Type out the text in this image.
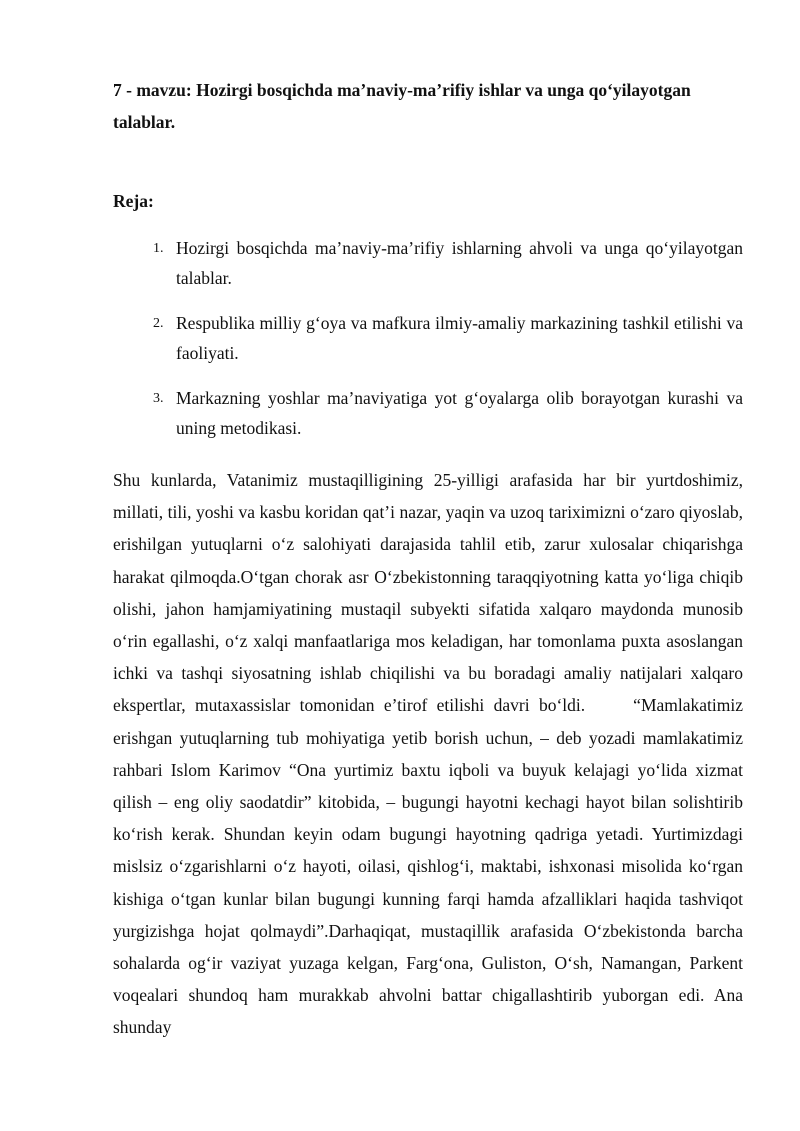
7 - mavzu: Hozirgi bosqichda ma’naviy-ma’rifiy ishlar va unga qo‘yilayotgan talablar.
Reja:
1. Hozirgi bosqichda ma’naviy-ma’rifiy ishlarning ahvoli va unga qo‘yilayotgan talablar.
2. Respublika milliy g‘oya va mafkura ilmiy-amaliy markazining tashkil etilishi va faoliyati.
3. Markazning yoshlar ma’naviyatiga yot g‘oyalarga olib borayotgan kurashi va uning metodikasi.

Shu kunlarda, Vatanimiz mustaqilligining 25-yilligi arafasida har bir yurtdoshimiz, millati, tili, yoshi va kasbu koridan qat’i nazar, yaqin va uzoq tariximizni o‘zaro qiyoslab, erishilgan yutuqlarni o‘z salohiyati darajasida tahlil etib, zarur xulosalar chiqarishga harakat qilmoqda.O‘tgan chorak asr O‘zbekistonning taraqqiyotning katta yo‘liga chiqib olishi, jahon hamjamiyatining mustaqil subyekti sifatida xalqaro maydonda munosib o‘rin egallashi, o‘z xalqi manfaatlariga mos keladigan, har tomonlama puxta asoslangan ichki va tashqi siyosatning ishlab chiqilishi va bu boradagi amaliy natijalari xalqaro ekspertlar, mutaxassislar tomonidan e’tirof etilishi davri bo‘ldi.	“Mamlakatimiz erishgan yutuqlarning tub mohiyatiga yetib borish uchun, – deb yozadi mamlakatimiz rahbari Islom Karimov “Ona yurtimiz baxtu iqboli va buyuk kelajagi yo‘lida xizmat qilish – eng oliy saodatdir” kitobida, – bugungi hayotni kechagi hayot bilan solishtirib ko‘rish kerak. Shundan keyin odam bugungi hayotning qadriga yetadi. Yurtimizdagi mislsiz o‘zgarishlarni o‘z hayoti, oilasi, qishlog‘i, maktabi, ishxonasi misolida ko‘rgan kishiga o‘tgan kunlar bilan bugungi kunning farqi hamda afzalliklari haqida tashviqot yurgizishga hojat qolmaydi”.Darhaqiqat, mustaqillik arafasida O‘zbekistonda barcha sohalarda og‘ir vaziyat yuzaga kelgan, Farg‘ona, Guliston, O‘sh, Namangan, Parkent voqealari shundoq ham murakkab ahvolni battar chigallashtirib yuborgan edi. Ana shunday
